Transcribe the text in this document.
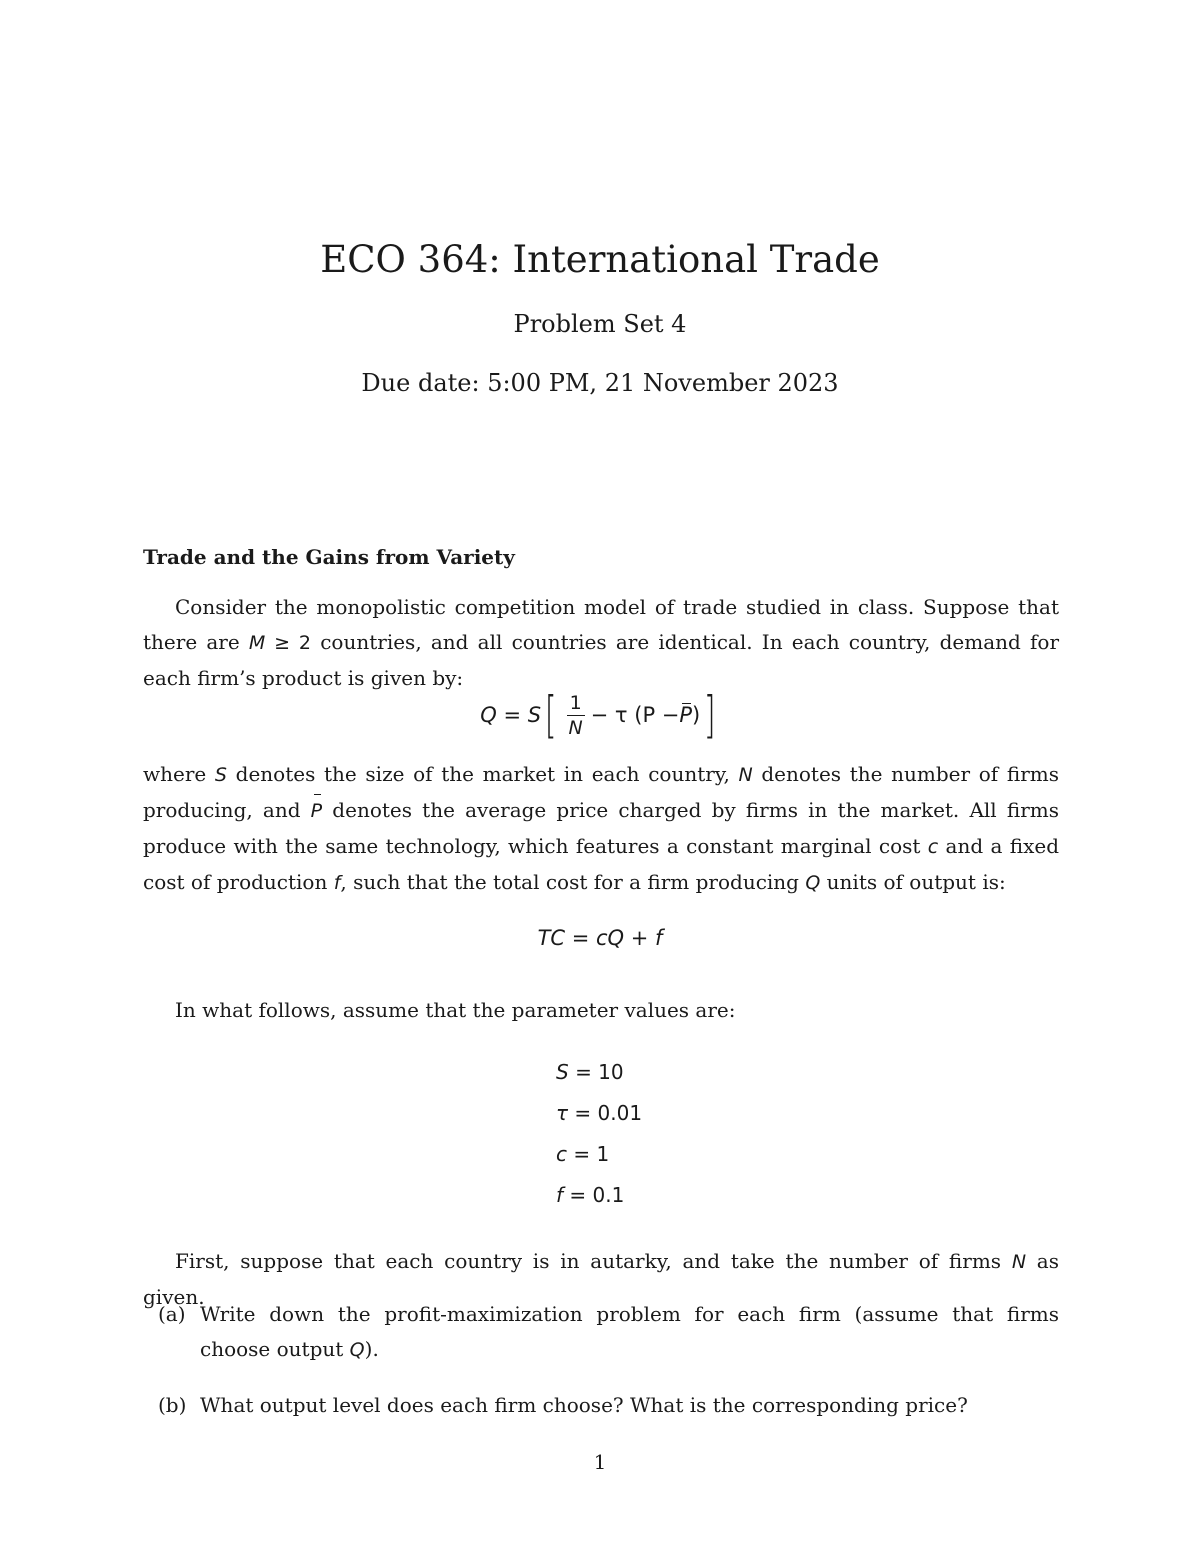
ECO 364: International Trade
Problem Set 4
Due date: 5:00 PM, 21 November 2023
Trade and the Gains from Variety
Consider the monopolistic competition model of trade studied in class. Suppose that there are M ≥ 2 countries, and all countries are identical. In each country, demand for each firm’s product is given by:
Q = S [ $\frac{1}{N} - \tau$ (P − P ) ]
where S denotes the size of the market in each country, N denotes the number of firms producing, and P denotes the average price charged by firms in the market. All firms produce with the same technology, which features a constant marginal cost c and a fixed cost of production f, such that the total cost for a firm producing Q units of output is:
TC = cQ + f
In what follows, assume that the parameter values are:
S = 10
τ = 0.01
c = 1
f = 0.1
First, suppose that each country is in autarky, and take the number of firms N as given.
(a) Write down the profit-maximization problem for each firm (assume that firms choose output Q).
(b) What output level does each firm choose? What is the corresponding price?
1
